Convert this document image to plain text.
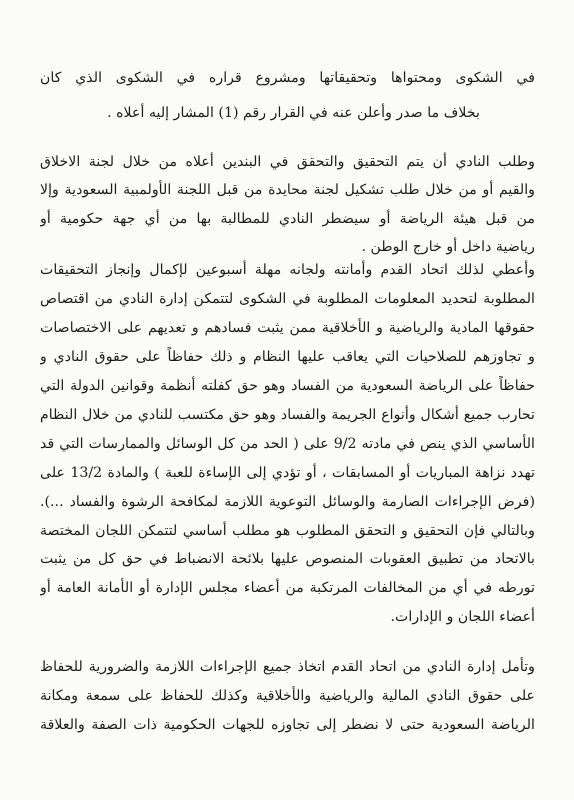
في الشكوى ومحتواها وتحقيقاتها ومشروع قراره في الشكوى الذي كان
بخلاف ما صدر وأعلن عنه في القرار رقم (1) المشار إليه أعلاه .
وطلب النادي أن يتم التحقيق والتحقق في البندين أعلاه من خلال لجنة الاخلاق
والقيم أو من خلال طلب تشكيل لجنة محايدة من قبل اللجنة الأولمبية السعودية وإلا
من قبل هيئة الرياضة أو سيضطر النادي للمطالبة بها من أي جهة حكومية أو
رياضية داخل أو خارج الوطن .
وأعطي لذلك اتحاد القدم وأمانته ولجانه مهلة أسبوعين لإكمال وإنجاز التحقيقات
المطلوبة لتحديد المعلومات المطلوبة في الشكوى لتتمكن إدارة النادي من اقتصاص
حقوقها المادية والرياضية و الأخلاقية ممن يثبت فسادهم و تعديهم على الاختصاصات
و تجاوزهم للصلاحيات التي يعاقب عليها النظام و ذلك حفاظاً على حقوق النادي و
حفاظاً على الرياضة السعودية من الفساد وهو حق كفلته أنظمة وقوانين الدولة التي
تحارب جميع أشكال وأنواع الجريمة والفساد وهو حق مكتسب للنادي من خلال النظام
الأساسي الذي ينص في مادته 9/2 على ( الحد من كل الوسائل والممارسات التي قد
تهدد نزاهة المباريات أو المسابقات ، أو تؤدي إلى الإساءة للعبة ) والمادة 13/2 على
(فرض الإجراءات الصارمة والوسائل التوعوية اللازمة لمكافحة الرشوة والفساد ...).
وبالتالي فإن التحقيق و التحقق المطلوب هو مطلب أساسي لتتمكن اللجان المختصة
بالاتحاد من تطبيق العقوبات المنصوص عليها بلائحة الانضباط في حق كل من يثبت
تورطه في أي من المخالفات المرتكبة من أعضاء مجلس الإدارة أو الأمانة العامة أو
أعضاء اللجان و الإدارات.
وتأمل إدارة النادي من اتحاد القدم اتخاذ جميع الإجراءات اللازمة والضرورية للحفاظ
على حقوق النادي المالية والرياضية والأخلاقية وكذلك للحفاظ على سمعة ومكانة
الرياضة السعودية حتى لا نضطر إلى تجاوزه للجهات الحكومية ذات الصفة والعلاقة
